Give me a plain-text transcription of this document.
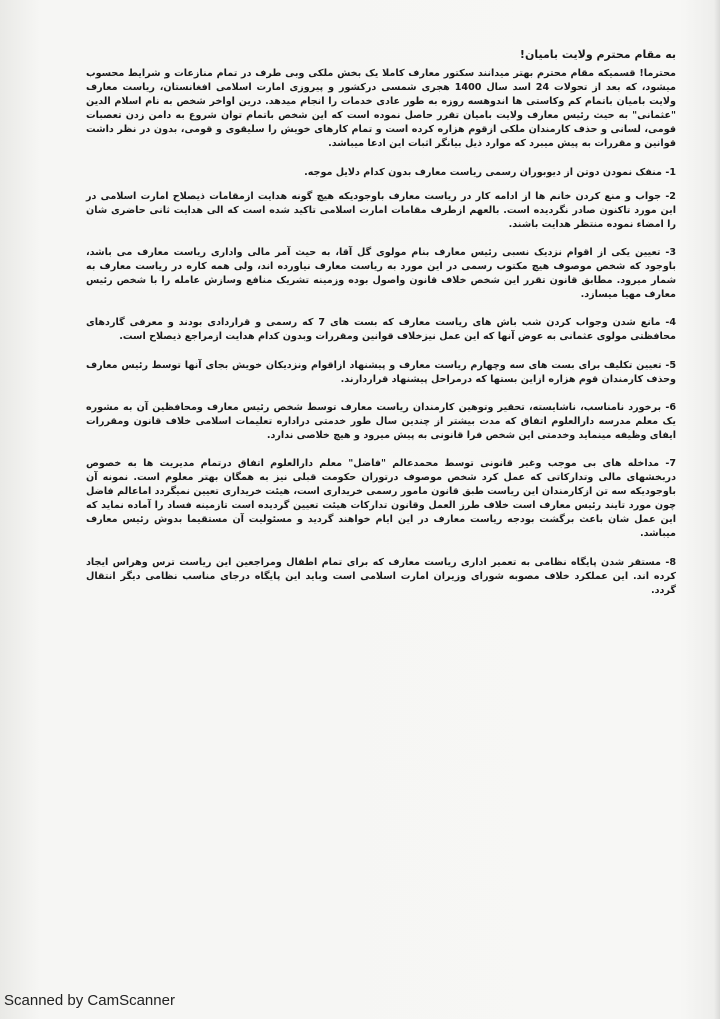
به مقام محترم ولایت بامیان!

محترما! قسمیکه مقام محترم بهتر میدانند سکتور معارف کاملا یک بخش ملکی وبی طرف در تمام منازعات و شرایط محسوب میشود، که بعد از تحولات 24 اسد سال 1400 هجری شمسی درکشور و پیروزی امارت اسلامی افغانستان، ریاست معارف ولایت بامیان باتمام کم وکاستی ها اندوهسه روزه به طور عادی خدمات را انجام میدهد. درین اواخر شخص به نام اسلام الدین "عثمانی" به حیث رئیس معارف ولایت بامیان تقرر حاصل نموده است که این شخص باتمام توان شروع به دامن زدن تعصبات قومی، لسانی و حذف کارمندان ملکی ازقوم هزاره کرده است و تمام کارهای خویش را سلیقوی و قومی، بدون در نظر داشت قوانین و مقررات به پیش میبرد که موارد ذیل بیانگر اثبات این ادعا میباشد.

1- منفک نمودن دوتن از دیوبوران رسمی ریاست معارف بدون کدام دلایل موجه.

2- جواب و منع کردن خانم ها از ادامه کار در ریاست معارف باوجودیکه هیچ گونه هدایت ازمقامات ذیصلاح امارت اسلامی در این مورد تاکنون صادر نگردیده است. بالعهم ازطرف مقامات امارت اسلامی تاکید شده است که الی هدایت ثانی حاضری شان را امضاء نموده منتظر هدایت باشند.

3- تعیین یکی از اقوام نزدیک نسبی رئیس معارف بنام مولوی گل آقا، به حیث آمر مالی واداری ریاست معارف می باشد، باوجود که شخص موصوف هیچ مکتوب رسمی در این مورد به ریاست معارف نیاورده اند، ولی همه کاره در ریاست معارف به شمار میرود. مطابق قانون تقرر این شخص خلاف قانون واصول بوده وزمینه تشریک منافع وسازش عامله را با شخص رئیس معارف مهیا میسازد.

4- مانع شدن وجواب کردن شب باش های ریاست معارف که بست های 7 که رسمی و قراردادی بودند و معرفی گاردهای محافظتی مولوی عثمانی به عوض آنها که این عمل نیزخلاف قوانین ومقررات وبدون کدام هدایت ازمراجع ذیصلاح است.

5- تعیین تکلیف برای بست های سه وچهارم ریاست معارف و پیشنهاد ازاقوام ونزدیکان خویش بجای آنها توسط رئیس معارف وحذف کارمندان قوم هزاره ازاین بستها که درمراحل پیشنهاد قراردارند.

6- برخورد نامناسب، ناشایسته، تحقیر وتوهین کارمندان ریاست معارف توسط شخص رئیس معارف ومحافظین آن به مشوره یک معلم مدرسه دارالعلوم اتفاق که مدت بیشتر از چندین سال طور خدمتی دراداره تعلیمات اسلامی خلاف قانون ومقررات ایفای وظیفه مینماید وخدمتی این شخص فرا قانونی به پیش میرود و هیچ خلاصی ندارد.

7- مداخله های بی موجب وغیر قانونی توسط محمدعالم "فاضل" معلم دارالعلوم اتفاق درتمام مدیریت ها به خصوص دربخشهای مالی وتدارکاتی که عمل کرد شخص موصوف درتوران حکومت قبلی نیز به همگان بهتر معلوم است. نمونه آن باوجودیکه سه تن ازکارمندان این ریاست طبق قانون مامور رسمی خریداری است، هیئت خریداری تعیین نمیگردد اماعالم فاضل چون مورد تایند رئیس معارف است خلاف طرز العمل وقانون تدارکات هیئت تعیین گردیده است تازمینه فساد را آماده نماید که این عمل شان باعث برگشت بودجه ریاست معارف در این ایام خواهند گردید و مسئولیت آن مستقیما بدوش رئیس معارف میباشد.

8- مستقر شدن پایگاه نظامی به تعمیر اداری ریاست معارف که برای تمام اطفال ومراجعین این ریاست ترس وهراس ایجاد کرده اند. این عملکرد خلاف مصوبه شورای وزیران امارت اسلامی است وباید این پایگاه درجای مناسب نظامی دیگر انتقال گردد.

Scanned by CamScanner
